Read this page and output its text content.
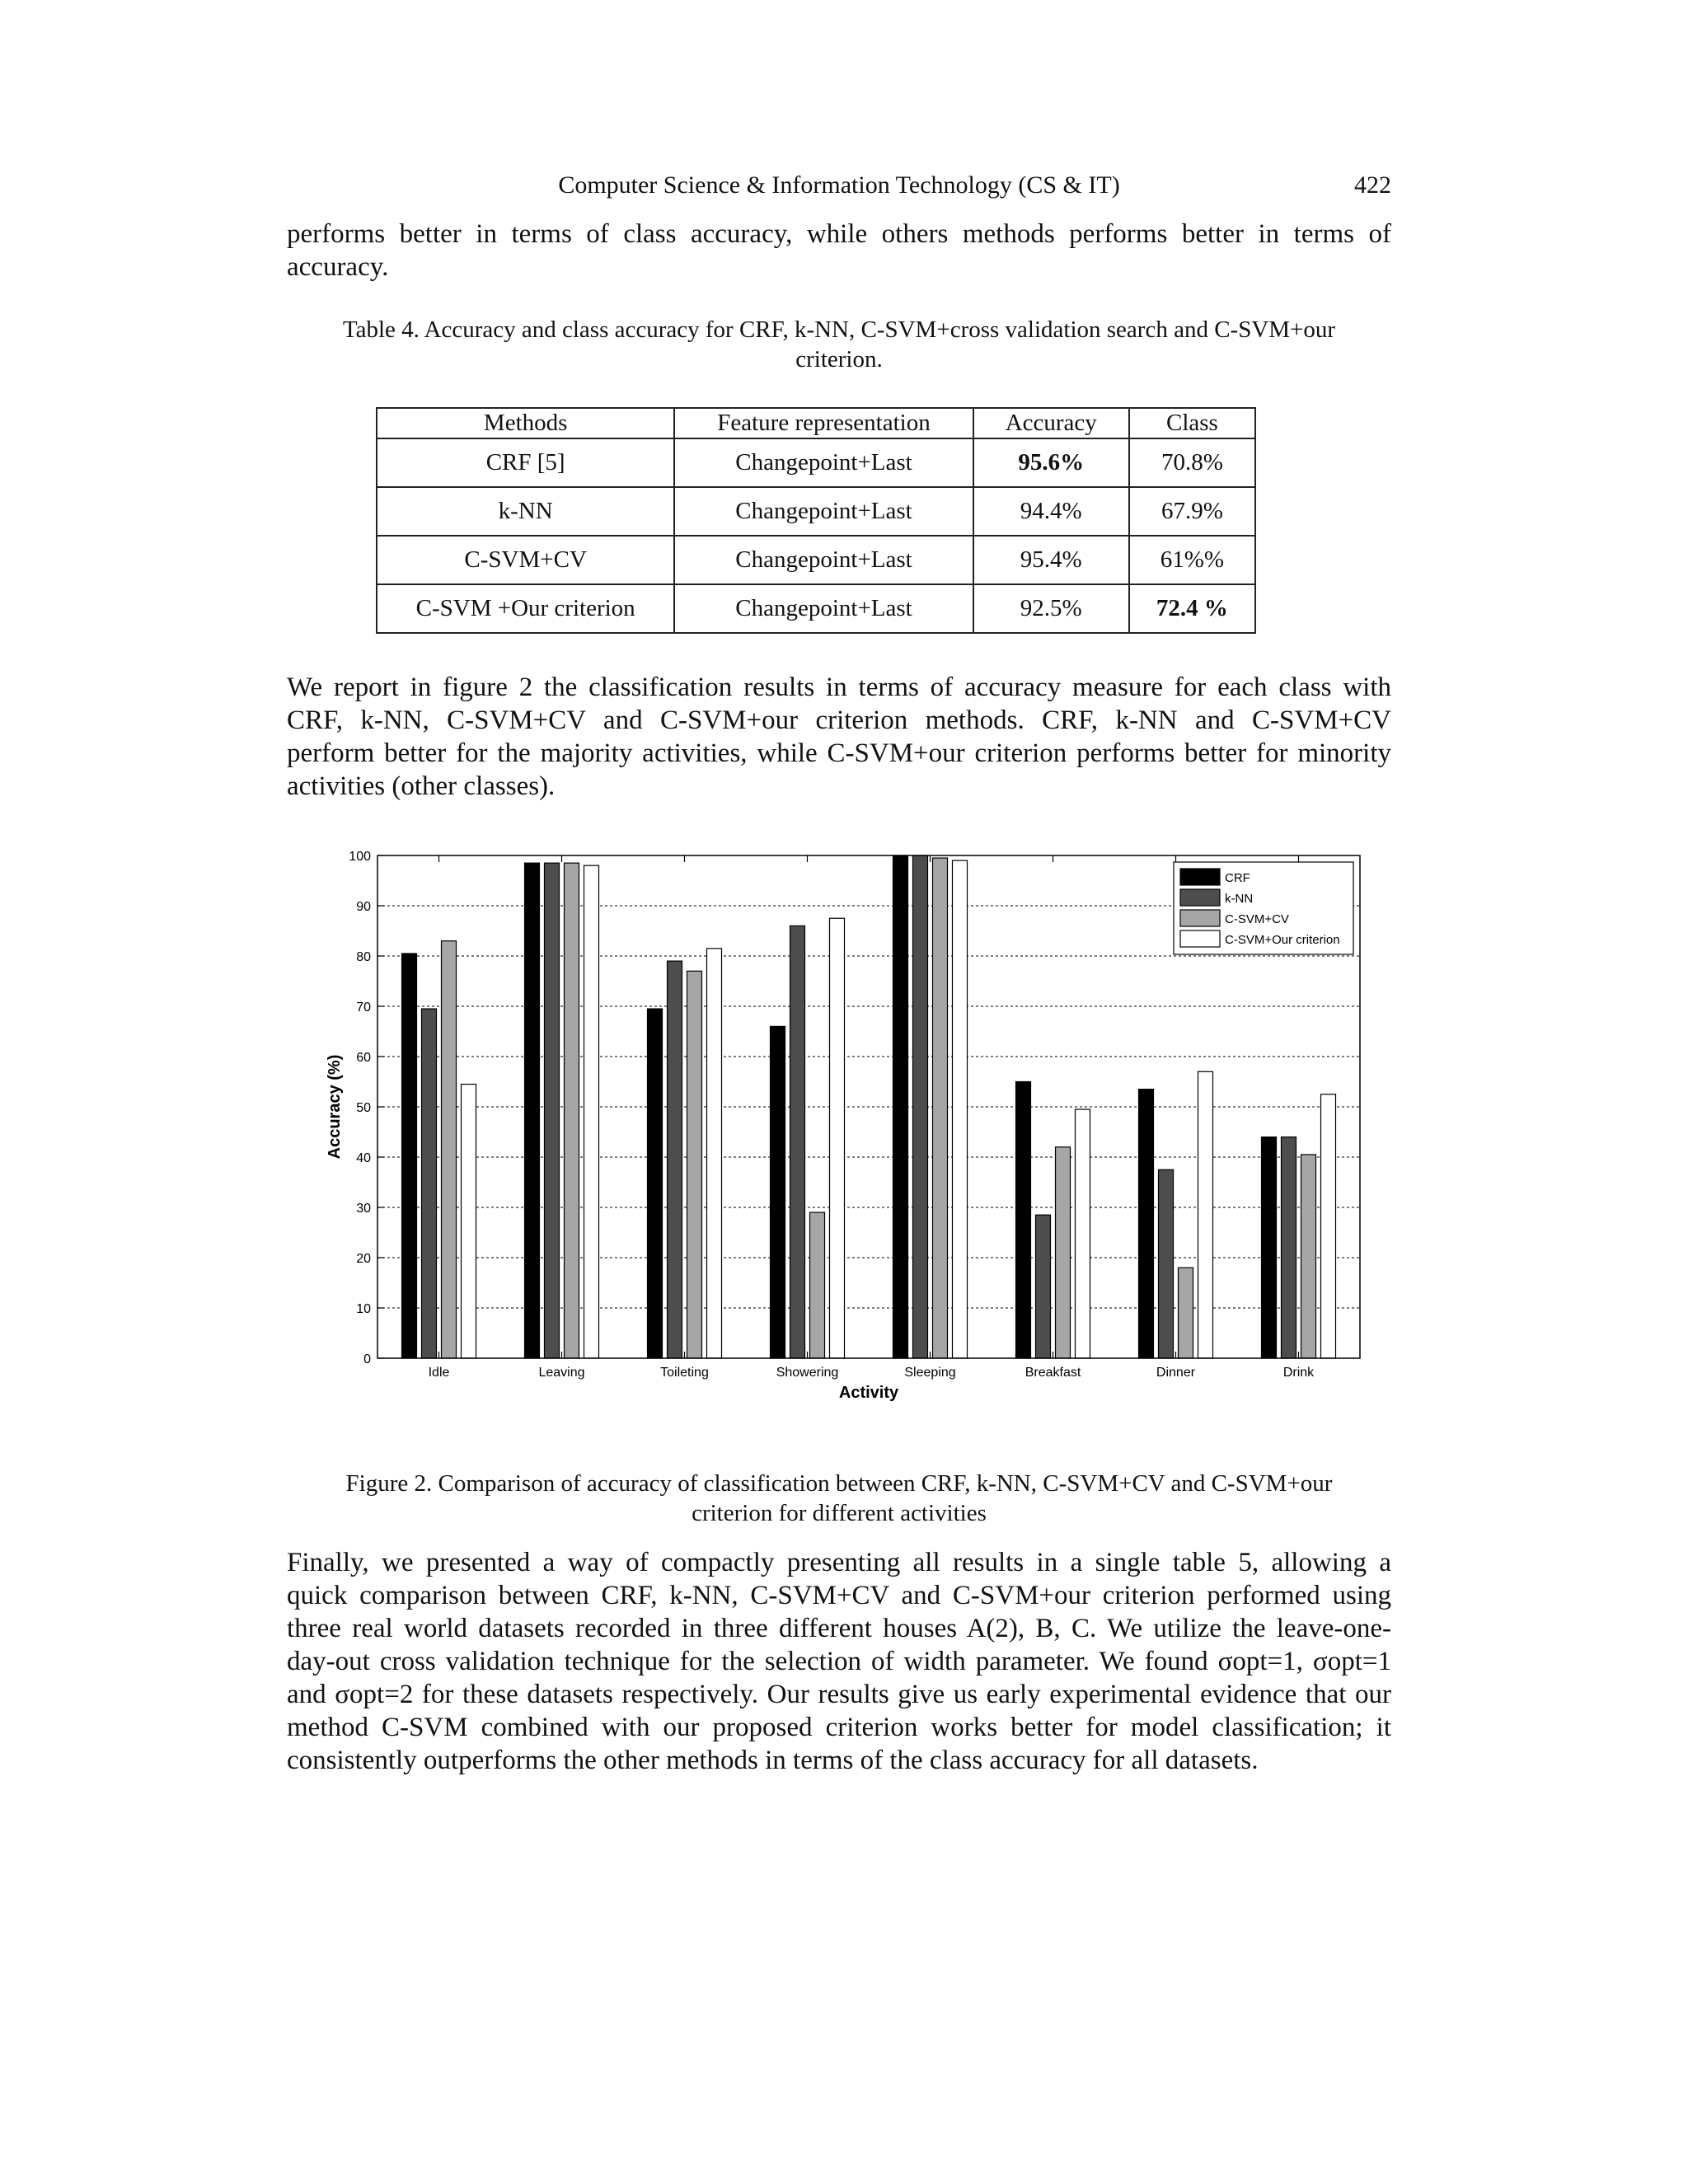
Computer Science & Information Technology (CS & IT)	422
performs better in terms of class accuracy, while others methods performs better in terms of
accuracy.
Table 4. Accuracy and class accuracy for CRF, k-NN, C-SVM+cross validation search and C-SVM+our
criterion.
Methods	Feature representation	Accuracy	Class
CRF [5]	Changepoint+Last	95.6%	70.8%
k-NN	Changepoint+Last	94.4%	67.9%
C-SVM+CV	Changepoint+Last	95.4%	61%%
C-SVM +Our criterion	Changepoint+Last	92.5%	72.4 %
We report in figure 2 the classification results in terms of accuracy measure for each class with
CRF, k-NN, C-SVM+CV and C-SVM+our criterion methods. CRF, k-NN and C-SVM+CV
perform better for the majority activities, while C-SVM+our criterion performs better for minority
activities (other classes).
0
10
20
30
40
50
60
70
80
90
100
Idle	Leaving	Toileting	Showering	Sleeping	Breakfast	Dinner	Drink
Activity
Accuracy (%)
CRF
k-NN
C-SVM+CV
C-SVM+Our criterion
Figure 2. Comparison of accuracy of classification between CRF, k-NN, C-SVM+CV and C-SVM+our
criterion for different activities
Finally, we presented a way of compactly presenting all results in a single table 5, allowing a
quick comparison between CRF, k-NN, C-SVM+CV and C-SVM+our criterion performed using
three real world datasets recorded in three different houses A(2), B, C. We utilize the leave-one-
day-out cross validation technique for the selection of width parameter. We found σopt=1, σopt=1
and σopt=2 for these datasets respectively. Our results give us early experimental evidence that our
method C-SVM combined with our proposed criterion works better for model classification; it
consistently outperforms the other methods in terms of the class accuracy for all datasets.
